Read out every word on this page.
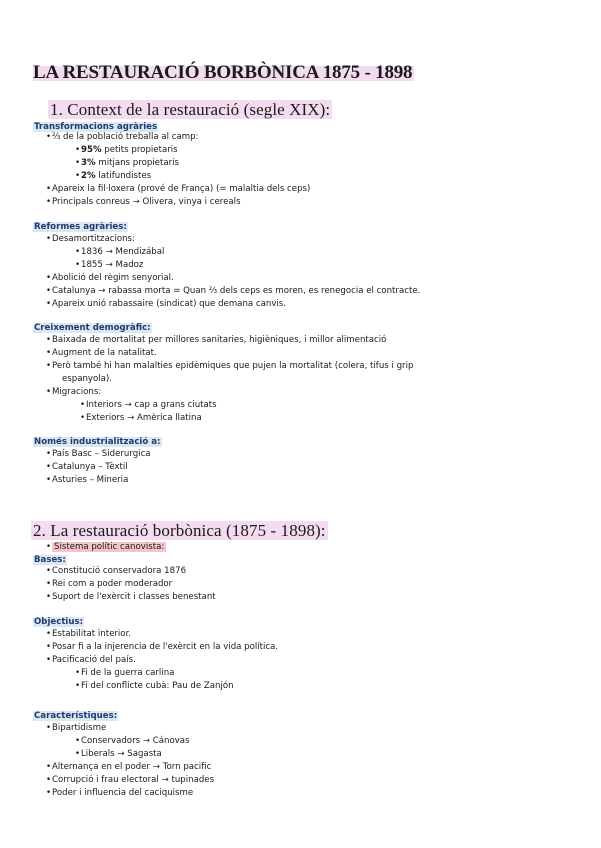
LA RESTAURACIÓ BORBÒNICA 1875 - 1898
1. Context de la restauració (segle XIX):
Transformacions agràries
• ⅔ de la població treballa al camp:
• 95% petits propietaris
• 3% mitjans propietaris
• 2% latifundistes
• Apareix la fil·loxera (prové de França) (= malaltia dels ceps)
• Principals conreus → Olivera, vinya i cereals
Reformes agràries:
• Desamortitzacions:
• 1836 → Mendizábal
• 1855 → Madoz
• Abolició del règim senyorial.
• Catalunya → rabassa morta = Quan ⅔ dels ceps es moren, es renegocia el contracte.
• Apareix unió rabassaire (sindicat) que demana canvis.
Creixement demogràfic:
• Baixada de mortalitat per millores sanitaries, higièniques, i millor alimentació
• Augment de la natalitat.
• Però també hi han malalties epidèmiques que pujen la mortalitat (colera, tifus i grip
espanyola).
• Migracions:
• Interiors → cap a grans ciutats
• Exteriors → Amèrica llatina
Només industrialització a:
• País Basc – Siderurgica
• Catalunya – Tèxtil
• Asturies – Mineria
2. La restauració borbònica (1875 - 1898):
• Sistema polític canovista:
Bases:
• Constitució conservadora 1876
• Rei com a poder moderador
• Suport de l'exèrcit i classes benestant
Objectius:
• Estabilitat interior.
• Posar fi a la injerencia de l'exèrcit en la vida política.
• Pacificació del país.
• Fi de la guerra carlina
• Fi del conflicte cubà: Pau de Zanjón
Característiques:
• Bipartidisme
• Conservadors → Cánovas
• Liberals → Sagasta
• Alternança en el poder → Torn pacific
• Corrupció i frau electoral → tupinades
• Poder i influencia del caciquisme
